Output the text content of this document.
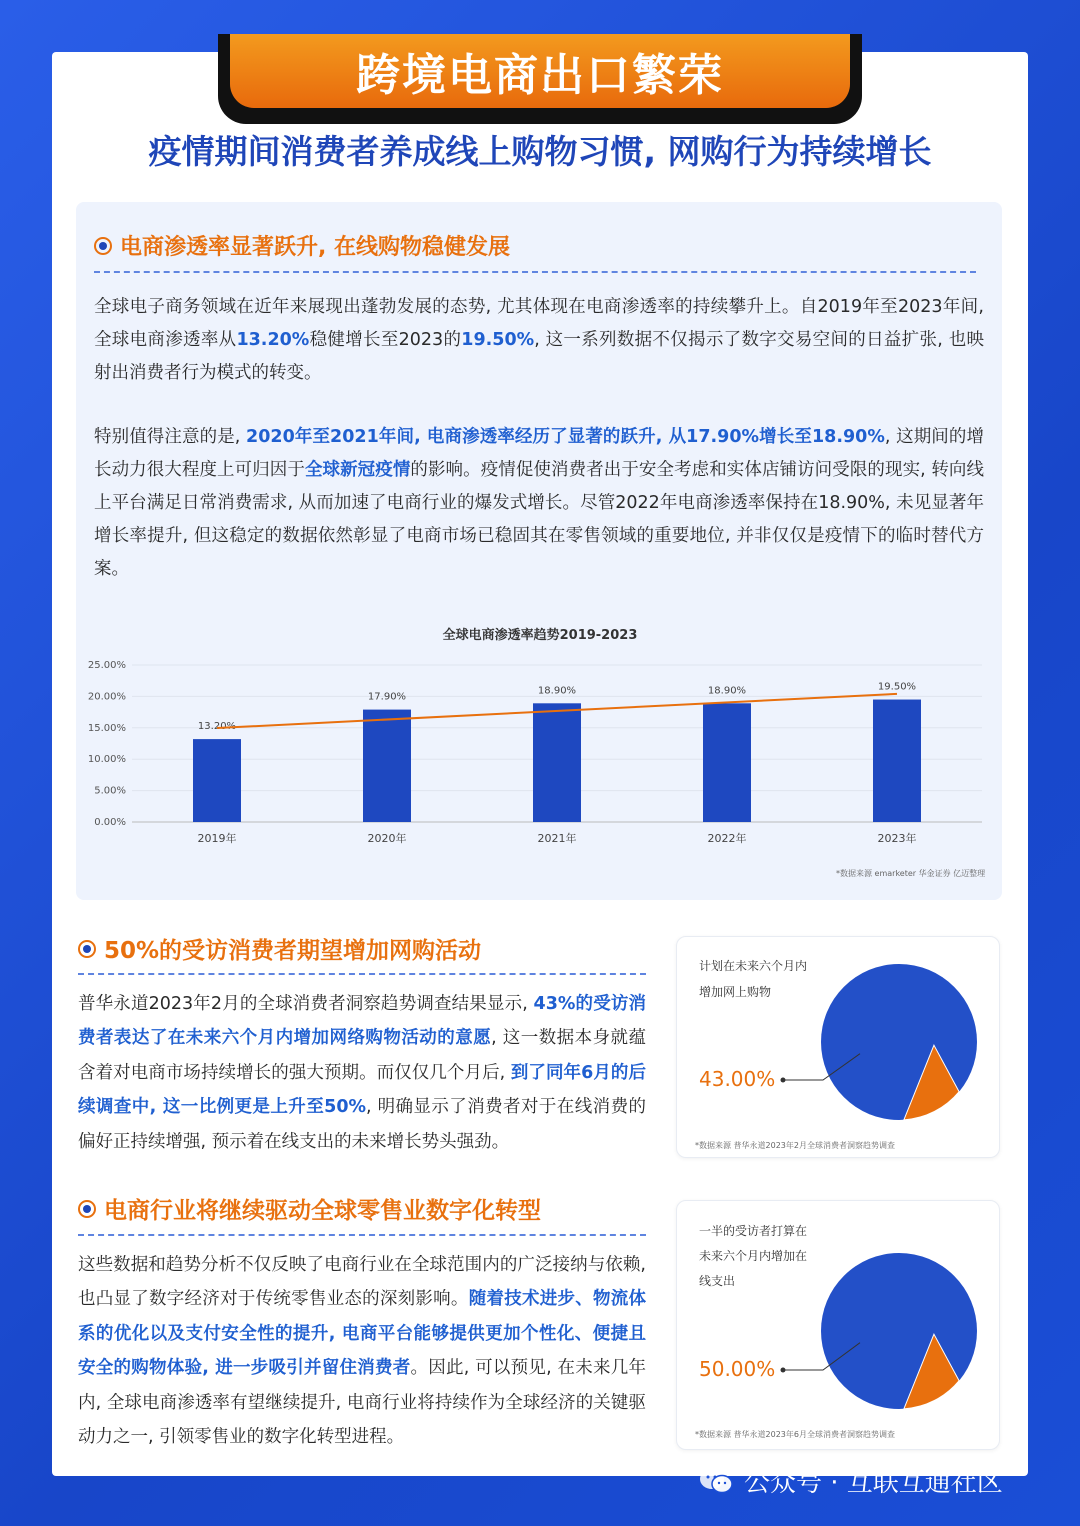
跨境电商出口繁荣
疫情期间消费者养成线上购物习惯, 网购行为持续增长
电商渗透率显著跃升, 在线购物稳健发展
全球电子商务领域在近年来展现出蓬勃发展的态势, 尤其体现在电商渗透率的持续攀升上。自2019年至2023年间, 全球电商渗透率从13.20%稳健增长至2023的19.50%, 这一系列数据不仅揭示了数字交易空间的日益扩张, 也映射出消费者行为模式的转变。
特别值得注意的是, 2020年至2021年间, 电商渗透率经历了显著的跃升, 从17.90%增长至18.90%, 这期间的增长动力很大程度上可归因于全球新冠疫情的影响。疫情促使消费者出于安全考虑和实体店铺访问受限的现实, 转向线上平台满足日常消费需求, 从而加速了电商行业的爆发式增长。尽管2022年电商渗透率保持在18.90%, 未见显著年增长率提升, 但这稳定的数据依然彰显了电商市场已稳固其在零售领域的重要地位, 并非仅仅是疫情下的临时替代方案。
全球电商渗透率趋势2019-2023
0.00%
5.00%
10.00%
15.00%
20.00%
25.00%
13.20%
2019年
17.90%
2020年
18.90%
2021年
18.90%
2022年
19.50%
2023年
*数据来源 emarketer 华金证券 亿迈整理
50%的受访消费者期望增加网购活动
普华永道2023年2月的全球消费者洞察趋势调查结果显示, 43%的受访消费者表达了在未来六个月内增加网络购物活动的意愿, 这一数据本身就蕴含着对电商市场持续增长的强大预期。而仅仅几个月后, 到了同年6月的后续调查中, 这一比例更是上升至50%, 明确显示了消费者对于在线消费的偏好正持续增强, 预示着在线支出的未来增长势头强劲。
电商行业将继续驱动全球零售业数字化转型
这些数据和趋势分析不仅反映了电商行业在全球范围内的广泛接纳与依赖, 也凸显了数字经济对于传统零售业态的深刻影响。随着技术进步、物流体系的优化以及支付安全性的提升, 电商平台能够提供更加个性化、便捷且安全的购物体验, 进一步吸引并留住消费者。因此, 可以预见, 在未来几年内, 全球电商渗透率有望继续提升, 电商行业将持续作为全球经济的关键驱动力之一, 引领零售业的数字化转型进程。
计划在未来六个月内
增加网上购物
43.00%
*数据来源 普华永道2023年2月全球消费者洞察趋势调查
一半的受访者打算在
未来六个月内增加在
线支出
50.00%
*数据来源 普华永道2023年6月全球消费者洞察趋势调查
公众号 · 互联互通社区
